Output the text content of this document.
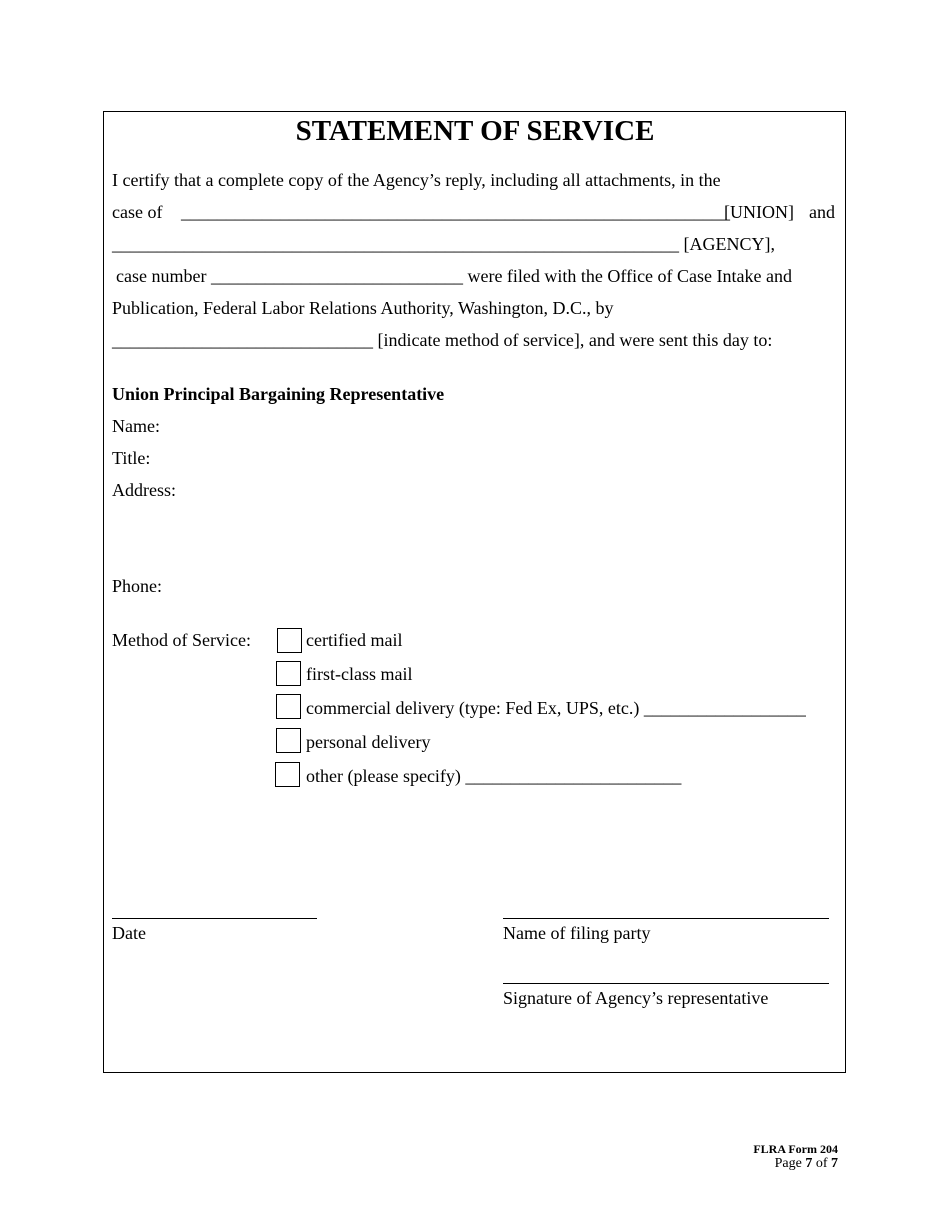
STATEMENT OF SERVICE
I certify that a complete copy of the Agency’s reply, including all attachments, in the
case of _____________________________________________________________
[UNION] and
_______________________________________________________________ [AGENCY],
case number ____________________________ were filed with the Office of Case Intake and
Publication, Federal Labor Relations Authority, Washington, D.C., by
_____________________________ [indicate method of service], and were sent this day to:
Union Principal Bargaining Representative
Name:
Title:
Address:
Phone:
Method of Service:	certified mail
first-class mail
commercial delivery (type: Fed Ex, UPS, etc.) __________________
personal delivery
other (please specify) ________________________
Date	Name of filing party
Signature of Agency’s representative
FLRA Form 204
Page 7 of 7
